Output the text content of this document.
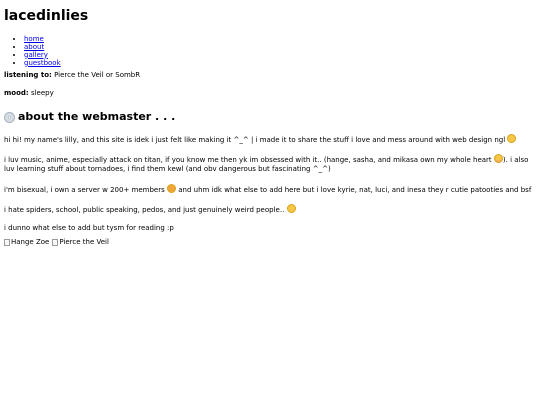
lacedinlies
• home
• about
• gallery
• guestbook

listening to: Pierce the Veil or SombR

mood: sleepy

about the webmaster . . .

hi hi! my name's lilly, and this site is idek i just felt like making it ^_^ | i made it to share the stuff i love and mess around with web design ngl

i luv music, anime, especially attack on titan, if you know me then yk im obsessed with it.. (hange, sasha, and mikasa own my whole heart ). i also luv learning stuff about tornadoes, i find them kewl (and obv dangerous but fascinating ^_^)

i'm bisexual, i own a server w 200+ members and uhm idk what else to add here but i love kyrie, nat, luci, and inesa they r cutie patooties and bsf

i hate spiders, school, public speaking, pedos, and just genuinely weird people..

i dunno what else to add but tysm for reading :p

Hange Zoe Pierce the Veil
